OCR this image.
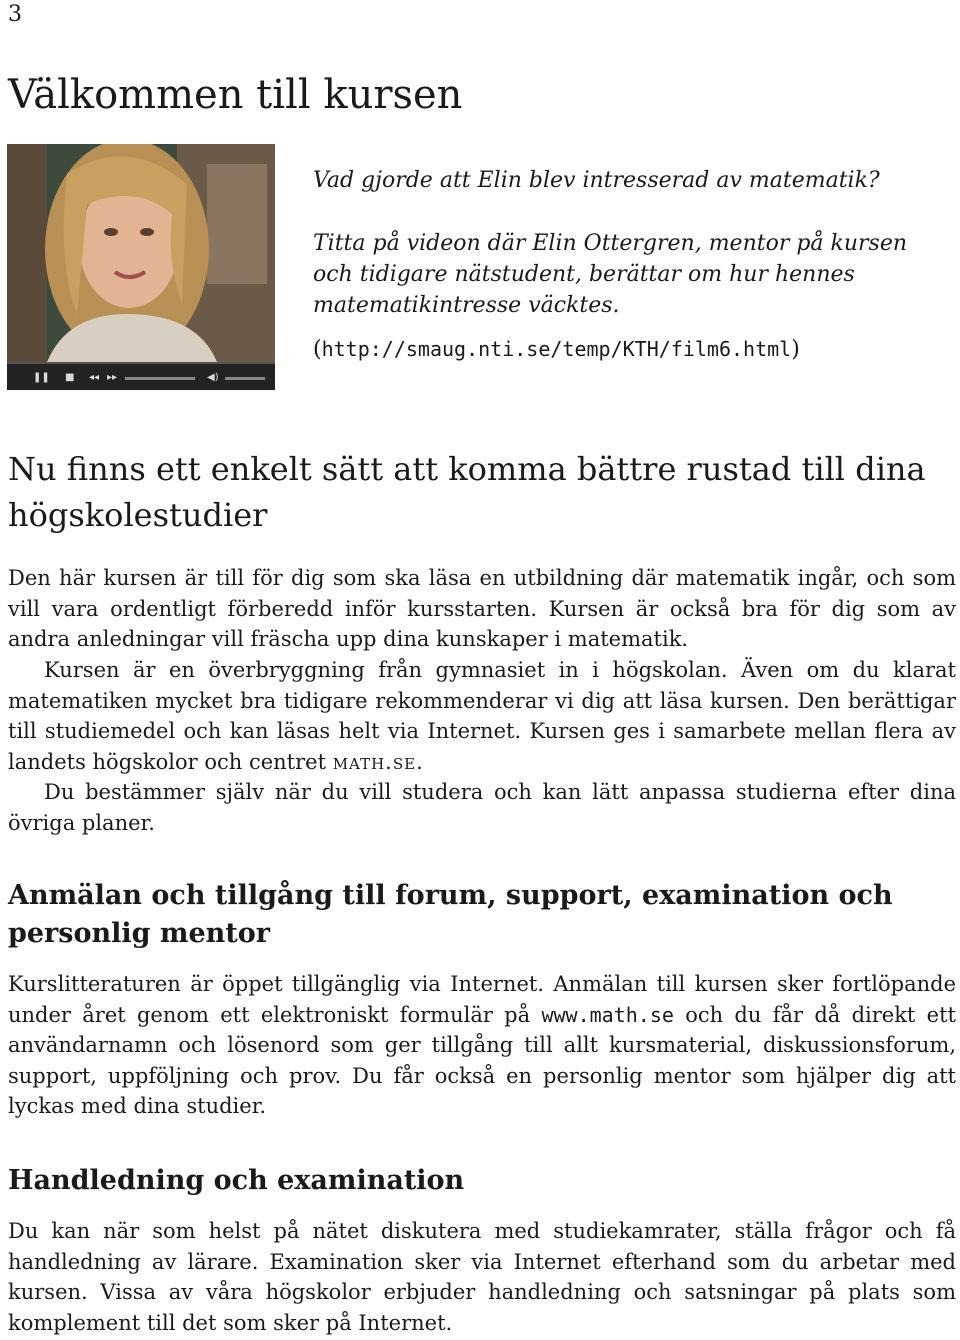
3
Välkommen till kursen
❚❚ ■ ◂◂ ▸▸	◀)

Vad gjorde att Elin blev intresserad av matematik?

Titta på videon där Elin Ottergren, mentor på kursen och tidigare nätstudent, berättar om hur hennes matematikintresse väcktes.

(http://smaug.nti.se/temp/KTH/film6.html)
Nu finns ett enkelt sätt att komma bättre rustad till dina högskolestudier

Den här kursen är till för dig som ska läsa en utbildning där matematik ingår, och som vill vara ordentligt förberedd inför kursstarten. Kursen är också bra för dig som av andra anledningar vill fräscha upp dina kunskaper i matematik.

Kursen är en överbryggning från gymnasiet in i högskolan. Även om du klarat matematiken mycket bra tidigare rekommenderar vi dig att läsa kursen. Den berättigar till studiemedel och kan läsas helt via Internet. Kursen ges i samarbete mellan flera av landets högskolor och centret math.se.

Du bestämmer själv när du vill studera och kan lätt anpassa studierna efter dina övriga planer.

Anmälan och tillgång till forum, support, examination och personlig mentor

Kurslitteraturen är öppet tillgänglig via Internet. Anmälan till kursen sker fortlöpande under året genom ett elektroniskt formulär på www.math.se och du får då direkt ett användarnamn och lösenord som ger tillgång till allt kursmaterial, diskussionsforum, support, uppföljning och prov. Du får också en personlig mentor som hjälper dig att lyckas med dina studier.

Handledning och examination

Du kan när som helst på nätet diskutera med studiekamrater, ställa frågor och få handledning av lärare. Examination sker via Internet efterhand som du arbetar med kursen. Vissa av våra högskolor erbjuder handledning och satsningar på plats som komplement till det som sker på Internet.
